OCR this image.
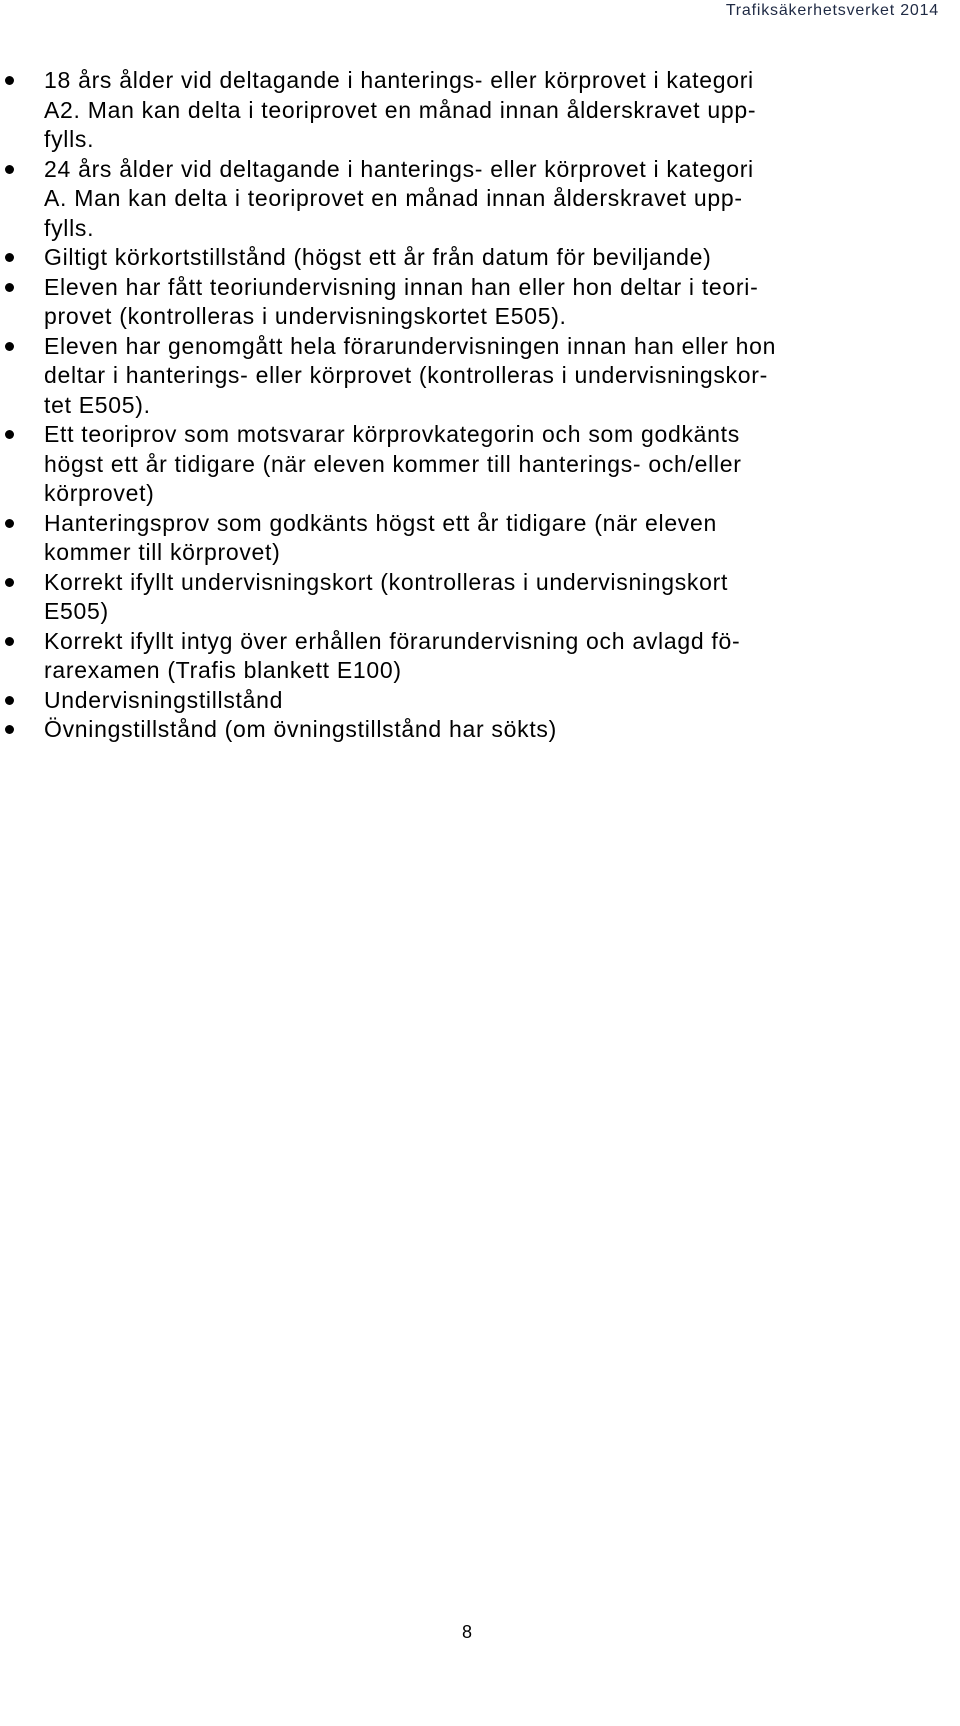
Trafiksäkerhetsverket 2014
18 års ålder vid deltagande i hanterings- eller körprovet i kategori
A2. Man kan delta i teoriprovet en månad innan ålderskravet upp-
fylls.
24 års ålder vid deltagande i hanterings- eller körprovet i kategori
A. Man kan delta i teoriprovet en månad innan ålderskravet upp-
fylls.
Giltigt körkortstillstånd (högst ett år från datum för beviljande)
Eleven har fått teoriundervisning innan han eller hon deltar i teori-
provet (kontrolleras i undervisningskortet E505).
Eleven har genomgått hela förarundervisningen innan han eller hon
deltar i hanterings- eller körprovet (kontrolleras i undervisningskor-
tet E505).
Ett teoriprov som motsvarar körprovkategorin och som godkänts
högst ett år tidigare (när eleven kommer till hanterings- och/eller
körprovet)
Hanteringsprov som godkänts högst ett år tidigare (när eleven
kommer till körprovet)
Korrekt ifyllt undervisningskort (kontrolleras i undervisningskort
E505)
Korrekt ifyllt intyg över erhållen förarundervisning och avlagd fö-
rarexamen (Trafis blankett E100)
Undervisningstillstånd
Övningstillstånd (om övningstillstånd har sökts)
8
